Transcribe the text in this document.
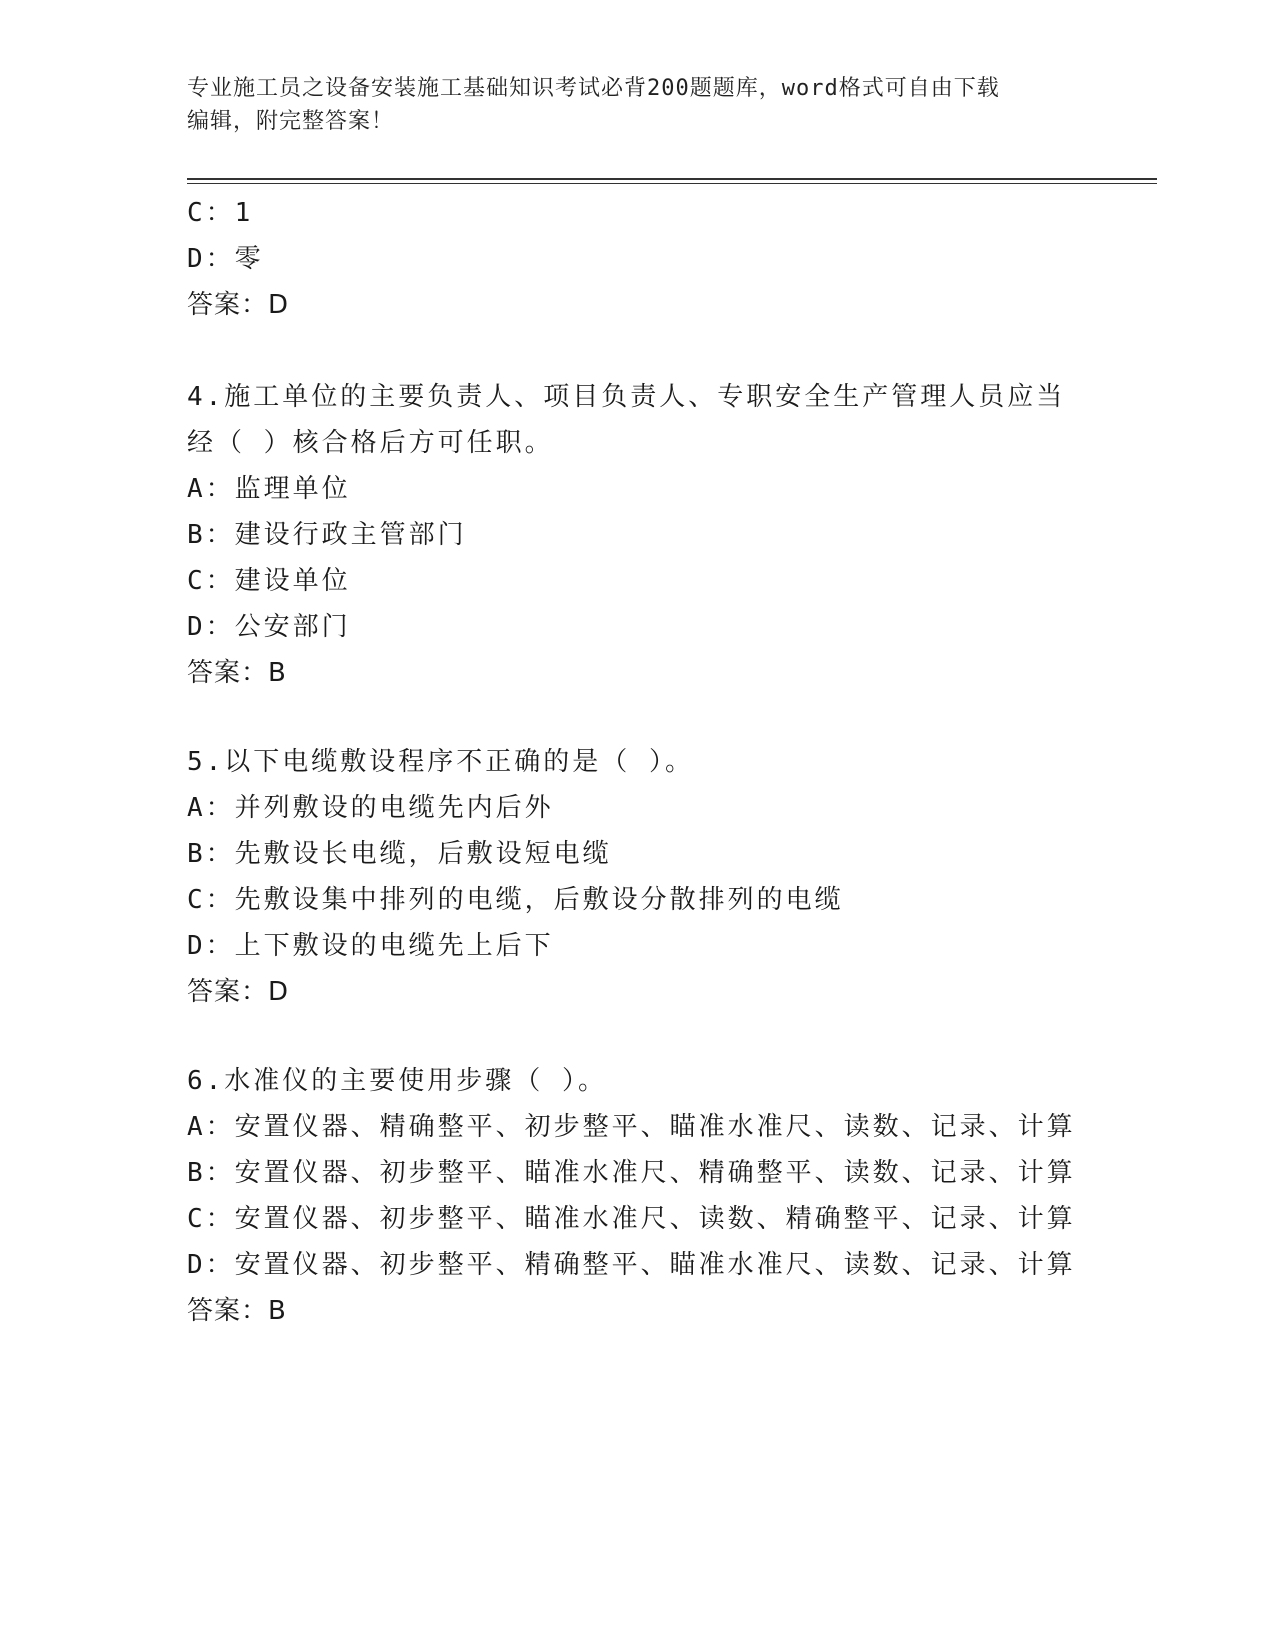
专业施工员之设备安装施工基础知识考试必背200题题库，word格式可自由下载
编辑，附完整答案！
C：1
D：零
答案：D
4.施工单位的主要负责人、项目负责人、专职安全生产管理人员应当
经（ ）核合格后方可任职。
A：监理单位
B：建设行政主管部门
C：建设单位
D：公安部门
答案：B
5.以下电缆敷设程序不正确的是（ ）。
A：并列敷设的电缆先内后外
B：先敷设长电缆，后敷设短电缆
C：先敷设集中排列的电缆，后敷设分散排列的电缆
D：上下敷设的电缆先上后下
答案：D
6.水准仪的主要使用步骤（ ）。
A：安置仪器、精确整平、初步整平、瞄准水准尺、读数、记录、计算
B：安置仪器、初步整平、瞄准水准尺、精确整平、读数、记录、计算
C：安置仪器、初步整平、瞄准水准尺、读数、精确整平、记录、计算
D：安置仪器、初步整平、精确整平、瞄准水准尺、读数、记录、计算
答案：B
